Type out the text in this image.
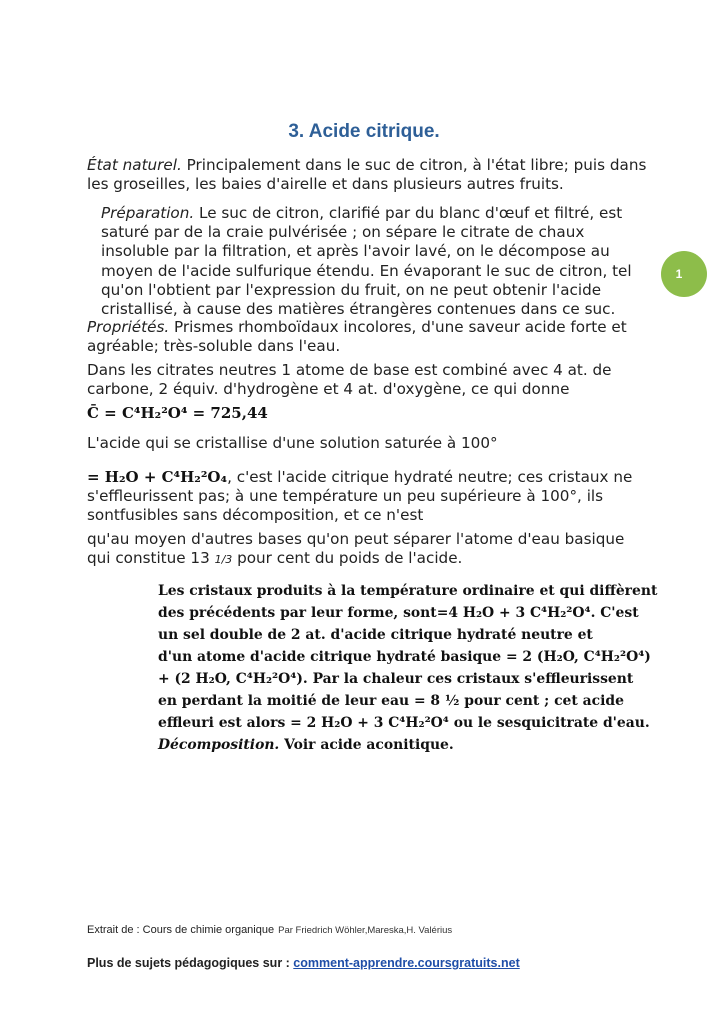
3. Acide citrique.
1

État naturel. Principalement dans le suc de citron, à l'état libre; puis dans les groseilles, les baies d'airelle et dans plusieurs autres fruits.

Préparation. Le suc de citron, clarifié par du blanc d'œuf et filtré, est saturé par de la craie pulvérisée ; on sépare le citrate de chaux insoluble par la filtration, et après l'avoir lavé, on le décompose au moyen de l'acide sulfurique étendu. En évaporant le suc de citron, tel qu'on l'obtient par l'expression du fruit, on ne peut obtenir l'acide cristallisé, à cause des matières étrangères contenues dans ce suc.

Propriétés. Prismes rhomboïdaux incolores, d'une saveur acide forte et agréable; très-soluble dans l'eau.

Dans les citrates neutres 1 atome de base est combiné avec 4 at. de carbone, 2 équiv. d'hydrogène et 4 at. d'oxygène, ce qui donne

C̄ = C⁴H₂²O⁴ = 725,44

L'acide qui se cristallise d'une solution saturée à 100°

= H₂O + C⁴H₂²O₄, c'est l'acide citrique hydraté neutre; ces cristaux ne s'effleurissent pas; à une température un peu supérieure à 100°, ils sontfusibles sans décomposition, et ce n'est

qu'au moyen d'autres bases qu'on peut séparer l'atome d'eau basique qui constitue 13 1/3 pour cent du poids de l'acide.

Les cristaux produits à la température ordinaire et qui diffèrent
des précédents par leur forme, sont=4 H₂O + 3 C⁴H₂²O⁴. C'est
un sel double de 2 at. d'acide citrique hydraté neutre et
d'un atome d'acide citrique hydraté basique = 2 (H₂O, C⁴H₂²O⁴)
+ (2 H₂O, C⁴H₂²O⁴). Par la chaleur ces cristaux s'effleurissent
en perdant la moitié de leur eau = 8 ½ pour cent ; cet acide
effleuri est alors = 2 H₂O + 3 C⁴H₂²O⁴ ou le sesquicitrate d'eau.
Décomposition. Voir acide aconitique.
Extrait de : Cours de chimie organique Par Friedrich Wöhler,Mareska,H. Valérius
Plus de sujets pédagogiques sur : comment-apprendre.coursgratuits.net
